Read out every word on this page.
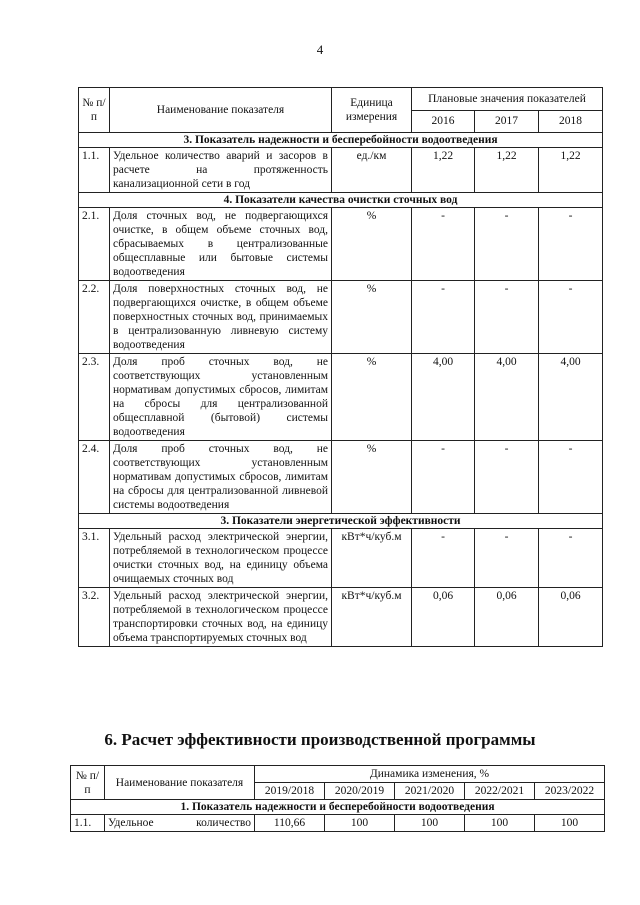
4
№ п/п	Наименование показателя	Единица измерения	Плановые значения показателей		
			2016	2017	2018
3. Показатель надежности и бесперебойности водоотведения					
1.1.	Удельное количество аварий и засоров в расчете на протяженность канализационной сети в год	ед./км	1,22	1,22	1,22
4. Показатели качества очистки сточных вод					
2.1.	Доля сточных вод, не подвергающихся очистке, в общем объеме сточных вод, сбрасываемых в централизованные общесплавные или бытовые системы водоотведения	%	-	-	-
2.2.	Доля поверхностных сточных вод, не подвергающихся очистке, в общем объеме поверхностных сточных вод, принимаемых в централизованную ливневую систему водоотведения	%	-	-	-
2.3.	Доля проб сточных вод, не соответствующих установленным нормативам допустимых сбросов, лимитам на сбросы для централизованной общесплавной (бытовой) системы водоотведения	%	4,00	4,00	4,00
2.4.	Доля проб сточных вод, не соответствующих установленным нормативам допустимых сбросов, лимитам на сбросы для централизованной ливневой системы водоотведения	%	-	-	-
3. Показатели энергетической эффективности					
3.1.	Удельный расход электрической энергии, потребляемой в технологическом процессе очистки сточных вод, на единицу объема очищаемых сточных вод	кВт*ч/куб.м	-	-	-
3.2.	Удельный расход электрической энергии, потребляемой в технологическом процессе транспортировки сточных вод, на единицу объема транспортируемых сточных вод	кВт*ч/куб.м	0,06	0,06	0,06
6. Расчет эффективности производственной программы
№ п/п	Наименование показателя	Динамика изменения, %				
		2019/2018	2020/2019	2021/2020	2022/2021	2023/2022
1. Показатель надежности и бесперебойности водоотведения						
1.1.	Удельное количество	110,66	100	100	100	100
